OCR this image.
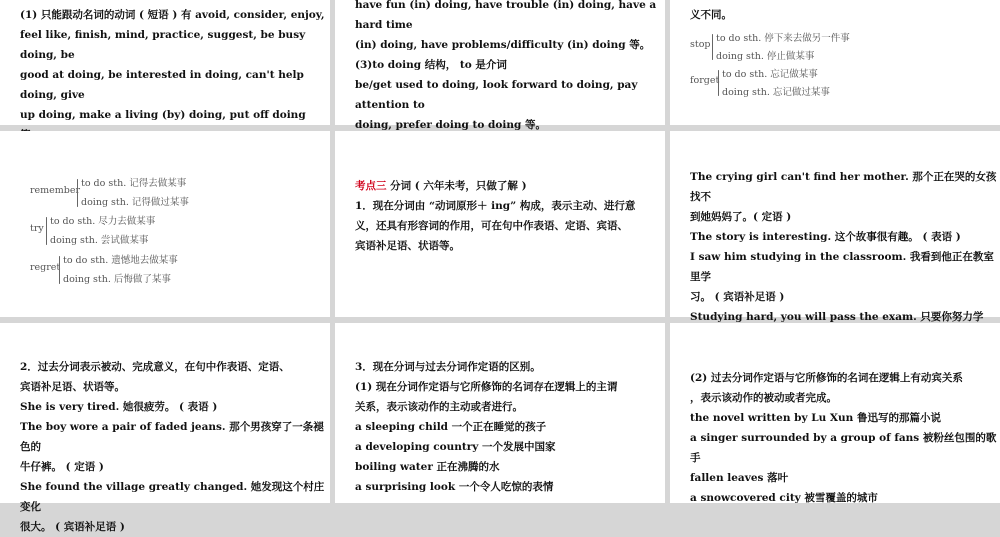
(1) 只能跟动名词的动词 ( 短语 ) 有 avoid, consider, enjoy,

feel like, finish, mind, practice, suggest, be busy doing, be

good at doing, be interested in doing, can't help doing, give

up doing, make a living (by) doing, put off doing

have fun (in) doing, have trouble (in) doing, have a hard time

(in) doing, have problems/difficulty (in) doing 等。

(3)to doing 结构， to 是介词

be/get used to doing, look forward to doing, pay attention to

doing, prefer doing to doing 等。

义不同。

stop
to do sth. 停下来去做另一件事
doing sth. 停止做某事
forget
to do sth. 忘记做某事
doing sth. 忘记做过某事
remember
to do sth. 记得去做某事
doing sth. 记得做过某事
try
to do sth. 尽力去做某事
doing sth. 尝试做某事
regret
to do sth. 遗憾地去做某事
doing sth. 后悔做了某事

考点三 分词 ( 六年未考，只做了解 )

1．现在分词由 “动词原形＋ ing” 构成，表示主动、进行意

义，还具有形容词的作用，可在句中作表语、定语、宾语、

宾语补足语、状语等。

The crying girl can't find her mother. 那个正在哭的女孩找不

到她妈妈了。( 定语 )

The story is interesting. 这个故事很有趣。 ( 表语 )

I saw him studying in the classroom. 我看到他正在教室里学

习。 ( 宾语补足语 )

Studying hard, you will pass the exam. 只要你努力学

2．过去分词表示被动、完成意义，在句中作表语、定语、

宾语补足语、状语等。

She is very tired. 她很疲劳。 ( 表语 )

The boy wore a pair of faded jeans. 那个男孩穿了一条褪色的

牛仔裤。 ( 定语 )

She found the village greatly changed. 她发现这个村庄变化

很大。 ( 宾语补足语 )

3．现在分词与过去分词作定语的区别。

(1) 现在分词作定语与它所修饰的名词存在逻辑上的主谓

关系，表示该动作的主动或者进行。

a sleeping child 一个正在睡觉的孩子

a developing country 一个发展中国家

boiling water 正在沸腾的水

a surprising look 一个令人吃惊的表情

(2) 过去分词作定语与它所修饰的名词在逻辑上有动宾关系

，表示该动作的被动或者完成。

the novel written by Lu Xun 鲁迅写的那篇小说

a singer surrounded by a group of fans 被粉丝包围的歌手

fallen leaves 落叶

a snowcovered city 被雪覆盖的城市
